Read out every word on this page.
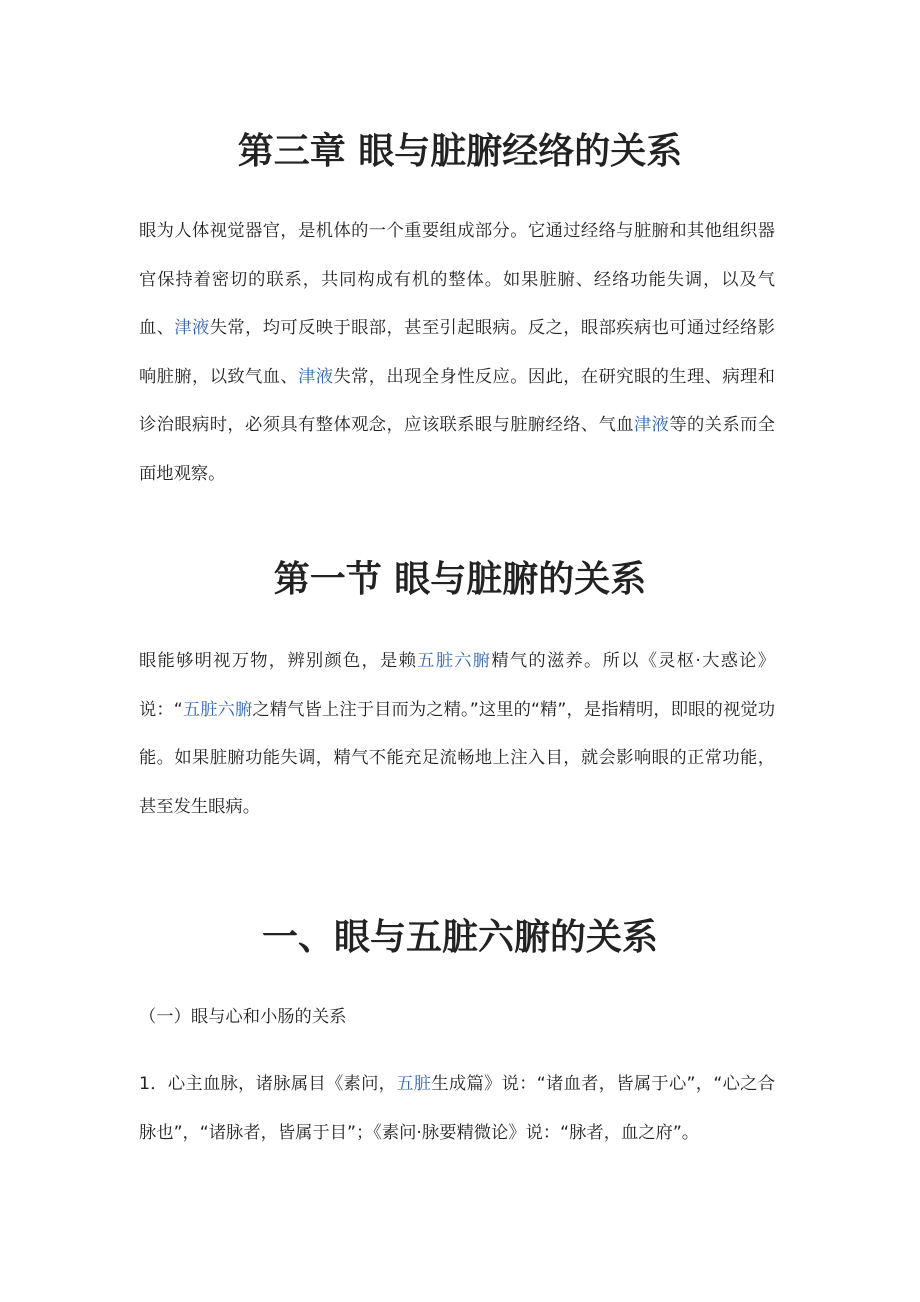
第三章 眼与脏腑经络的关系

眼为人体视觉器官，是机体的一个重要组成部分。它通过经络与脏腑和其他组织器官保持着密切的联系，共同构成有机的整体。如果脏腑、经络功能失调，以及气血、津液失常，均可反映于眼部，甚至引起眼病。反之，眼部疾病也可通过经络影响脏腑，以致气血、津液失常，出现全身性反应。因此，在研究眼的生理、病理和诊治眼病时，必须具有整体观念，应该联系眼与脏腑经络、气血津液等的关系而全面地观察。

第一节 眼与脏腑的关系

眼能够明视万物，辨别颜色，是赖五脏六腑精气的滋养。所以《灵枢·大惑论》说：“五脏六腑之精气皆上注于目而为之精。”这里的“精”，是指精明，即眼的视觉功能。如果脏腑功能失调，精气不能充足流畅地上注入目，就会影响眼的正常功能，甚至发生眼病。

一、眼与五脏六腑的关系

（一）眼与心和小肠的关系

1．心主血脉，诸脉属目《素问，五脏生成篇》说：“诸血者，皆属于心”，“心之合脉也”，“诸脉者，皆属于目”；《素问·脉要精微论》说：“脉者，血之府”。
